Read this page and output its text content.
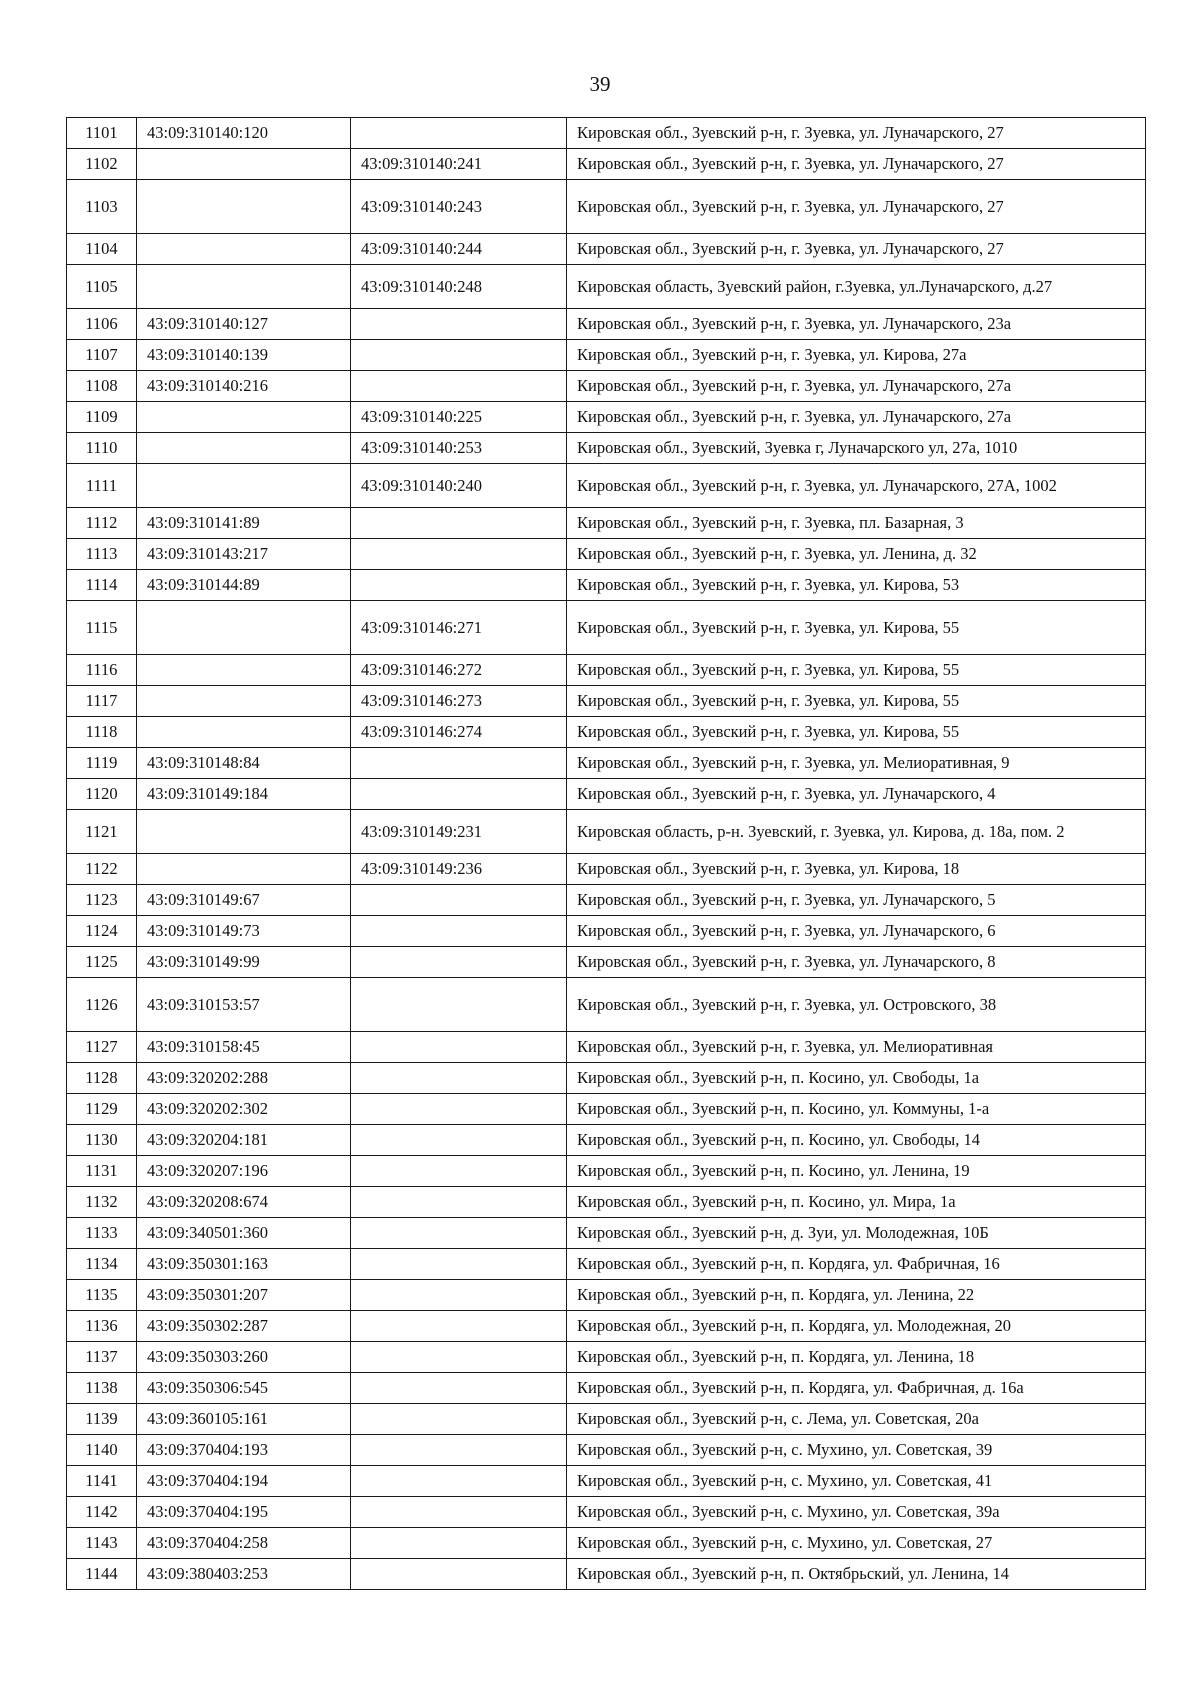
39
1101	43:09:310140:120		Кировская обл., Зуевский р-н, г. Зуевка, ул. Луначарского, 27
1102		43:09:310140:241	Кировская обл., Зуевский р-н, г. Зуевка, ул. Луначарского, 27
1103		43:09:310140:243	Кировская обл., Зуевский р-н, г. Зуевка, ул. Луначарского, 27
1104		43:09:310140:244	Кировская обл., Зуевский р-н, г. Зуевка, ул. Луначарского, 27
1105		43:09:310140:248	Кировская область, Зуевский район, г.Зуевка, ул.Луначарского, д.27
1106	43:09:310140:127		Кировская обл., Зуевский р-н, г. Зуевка, ул. Луначарского, 23а
1107	43:09:310140:139		Кировская обл., Зуевский р-н, г. Зуевка, ул. Кирова, 27а
1108	43:09:310140:216		Кировская обл., Зуевский р-н, г. Зуевка, ул. Луначарского, 27а
1109		43:09:310140:225	Кировская обл., Зуевский р-н, г. Зуевка, ул. Луначарского, 27а
1110		43:09:310140:253	Кировская обл., Зуевский, Зуевка г, Луначарского ул, 27а, 1010
1111		43:09:310140:240	Кировская обл., Зуевский р-н, г. Зуевка, ул. Луначарского, 27А, 1002
1112	43:09:310141:89		Кировская обл., Зуевский р-н, г. Зуевка, пл. Базарная, 3
1113	43:09:310143:217		Кировская обл., Зуевский р-н, г. Зуевка, ул. Ленина, д. 32
1114	43:09:310144:89		Кировская обл., Зуевский р-н, г. Зуевка, ул. Кирова, 53
1115		43:09:310146:271	Кировская обл., Зуевский р-н, г. Зуевка, ул. Кирова, 55
1116		43:09:310146:272	Кировская обл., Зуевский р-н, г. Зуевка, ул. Кирова, 55
1117		43:09:310146:273	Кировская обл., Зуевский р-н, г. Зуевка, ул. Кирова, 55
1118		43:09:310146:274	Кировская обл., Зуевский р-н, г. Зуевка, ул. Кирова, 55
1119	43:09:310148:84		Кировская обл., Зуевский р-н, г. Зуевка, ул. Мелиоративная, 9
1120	43:09:310149:184		Кировская обл., Зуевский р-н, г. Зуевка, ул. Луначарского, 4
1121		43:09:310149:231	Кировская область, р-н. Зуевский, г. Зуевка, ул. Кирова, д. 18а, пом. 2
1122		43:09:310149:236	Кировская обл., Зуевский р-н, г. Зуевка, ул. Кирова, 18
1123	43:09:310149:67		Кировская обл., Зуевский р-н, г. Зуевка, ул. Луначарского, 5
1124	43:09:310149:73		Кировская обл., Зуевский р-н, г. Зуевка, ул. Луначарского, 6
1125	43:09:310149:99		Кировская обл., Зуевский р-н, г. Зуевка, ул. Луначарского, 8
1126	43:09:310153:57		Кировская обл., Зуевский р-н, г. Зуевка, ул. Островского, 38
1127	43:09:310158:45		Кировская обл., Зуевский р-н, г. Зуевка, ул. Мелиоративная
1128	43:09:320202:288		Кировская обл., Зуевский р-н, п. Косино, ул. Свободы, 1а
1129	43:09:320202:302		Кировская обл., Зуевский р-н, п. Косино, ул. Коммуны, 1-а
1130	43:09:320204:181		Кировская обл., Зуевский р-н, п. Косино, ул. Свободы, 14
1131	43:09:320207:196		Кировская обл., Зуевский р-н, п. Косино, ул. Ленина, 19
1132	43:09:320208:674		Кировская обл., Зуевский р-н, п. Косино, ул. Мира, 1а
1133	43:09:340501:360		Кировская обл., Зуевский р-н, д. Зуи, ул. Молодежная, 10Б
1134	43:09:350301:163		Кировская обл., Зуевский р-н, п. Кордяга, ул. Фабричная, 16
1135	43:09:350301:207		Кировская обл., Зуевский р-н, п. Кордяга, ул. Ленина, 22
1136	43:09:350302:287		Кировская обл., Зуевский р-н, п. Кордяга, ул. Молодежная, 20
1137	43:09:350303:260		Кировская обл., Зуевский р-н, п. Кордяга, ул. Ленина, 18
1138	43:09:350306:545		Кировская обл., Зуевский р-н, п. Кордяга, ул. Фабричная, д. 16а
1139	43:09:360105:161		Кировская обл., Зуевский р-н, с. Лема, ул. Советская, 20а
1140	43:09:370404:193		Кировская обл., Зуевский р-н, с. Мухино, ул. Советская, 39
1141	43:09:370404:194		Кировская обл., Зуевский р-н, с. Мухино, ул. Советская, 41
1142	43:09:370404:195		Кировская обл., Зуевский р-н, с. Мухино, ул. Советская, 39а
1143	43:09:370404:258		Кировская обл., Зуевский р-н, с. Мухино, ул. Советская, 27
1144	43:09:380403:253		Кировская обл., Зуевский р-н, п. Октябрьский, ул. Ленина, 14
